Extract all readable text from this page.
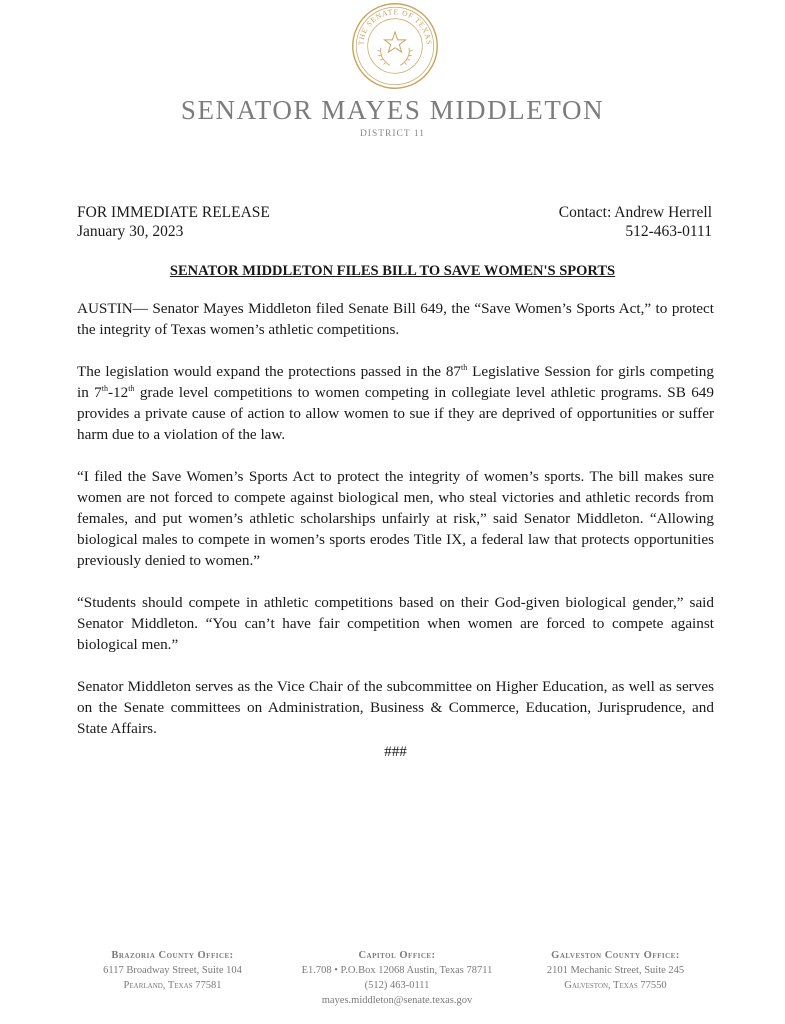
THE SENATE OF TEXAS
SENATOR MAYES MIDDLETON
DISTRICT 11
FOR IMMEDIATE RELEASE
January 30, 2023
Contact: Andrew Herrell
512-463-0111
SENATOR MIDDLETON FILES BILL TO SAVE WOMEN'S SPORTS

AUSTIN— Senator Mayes Middleton filed Senate Bill 649, the “Save Women’s Sports Act,” to protect the integrity of Texas women’s athletic competitions.

The legislation would expand the protections passed in the 87th Legislative Session for girls competing in 7th-12th grade level competitions to women competing in collegiate level athletic programs. SB 649 provides a private cause of action to allow women to sue if they are deprived of opportunities or suffer harm due to a violation of the law.

“I filed the Save Women’s Sports Act to protect the integrity of women’s sports. The bill makes sure women are not forced to compete against biological men, who steal victories and athletic records from females, and put women’s athletic scholarships unfairly at risk,” said Senator Middleton. “Allowing biological males to compete in women’s sports erodes Title IX, a federal law that protects opportunities previously denied to women.”

“Students should compete in athletic competitions based on their God-given biological gender,” said Senator Middleton. “You can’t have fair competition when women are forced to compete against biological men.”

Senator Middleton serves as the Vice Chair of the subcommittee on Higher Education, as well as serves on the Senate committees on Administration, Business & Commerce, Education, Jurisprudence, and State Affairs.

###

Brazoria County Office:
6117 Broadway Street, Suite 104
Pearland, Texas 77581
Capitol Office:
E1.708 • P.O.Box 12068 Austin, Texas 78711
(512) 463-0111
mayes.middleton@senate.texas.gov
Galveston County Office:
2101 Mechanic Street, Suite 245
Galveston, Texas 77550
